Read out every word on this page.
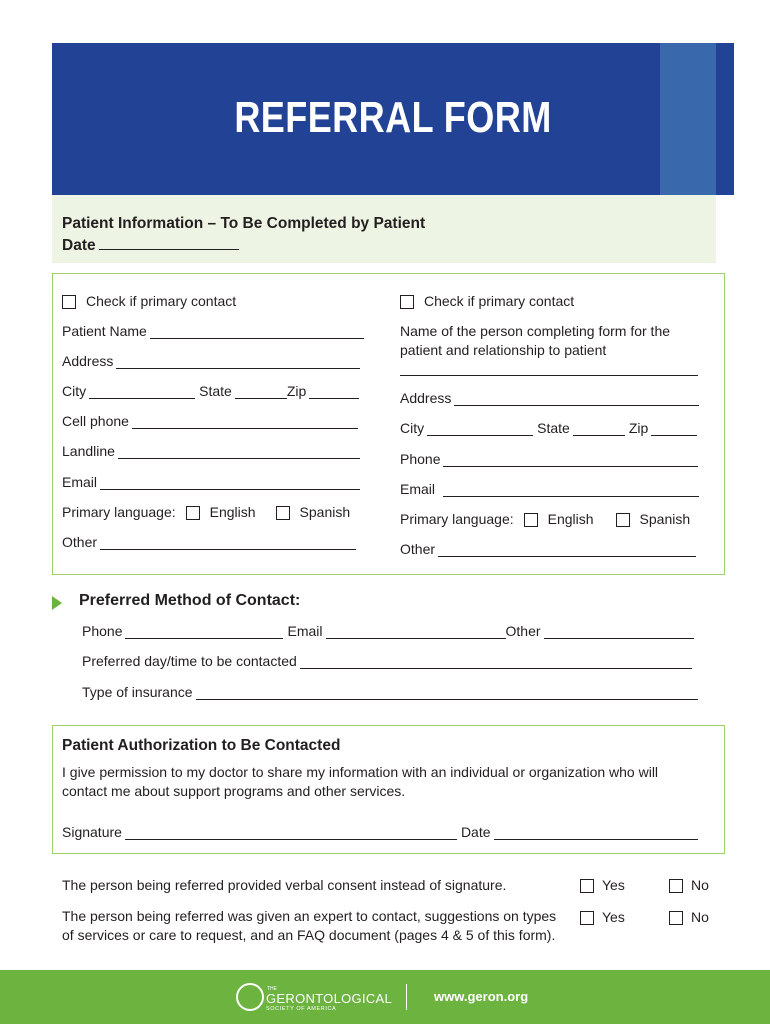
REFERRAL FORM
Patient Information – To Be Completed by Patient
Date
Check if primary contact
Patient Name
Address
City	State	Zip
Cell phone
Landline
Email
Primary language: English	Spanish
Other
Check if primary contact
Name of the person completing form for the
patient and relationship to patient
Address
City	State	Zip
Phone
Email
Primary language: English	Spanish
Other
Preferred Method of Contact:
Phone	Email	Other
Preferred day/time to be contacted
Type of insurance
Patient Authorization to Be Contacted
I give permission to my doctor to share my information with an individual or organization who will
contact me about support programs and other services.
Signature	Date
The person being referred provided verbal consent instead of signature.	Yes	No
The person being referred was given an expert to contact, suggestions on types
of services or care to request, and an FAQ document (pages 4 & 5 of this form).
Yes	No
THE
GERONTOLOGICAL
SOCIETY OF AMERICA
www.geron.org
